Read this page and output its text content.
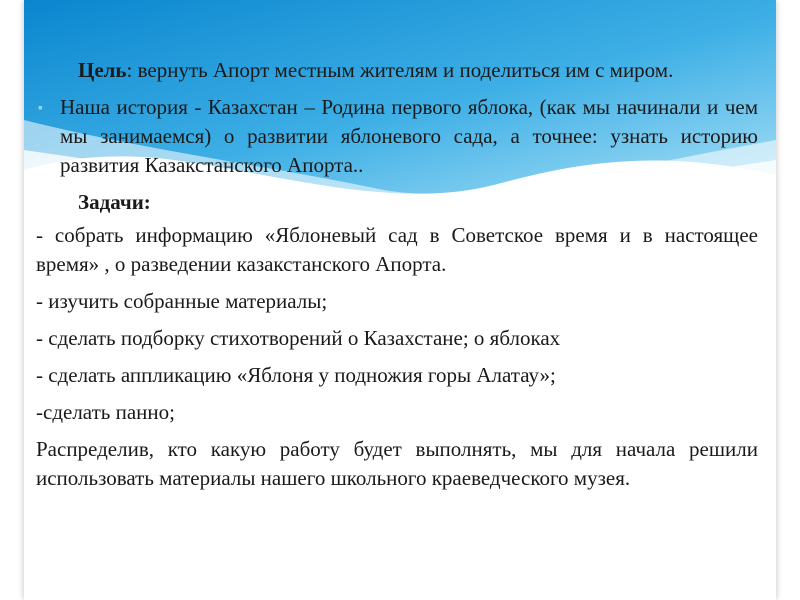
Цель: вернуть Апорт местным жителям и поделиться им с миром.

▪ Наша история - Казахстан – Родина первого яблока, (как мы начинали и чем мы занимаемся) о развитии яблоневого сада, а точнее: узнать историю развития Казакстанского Апорта..

Задачи:

- собрать информацию «Яблоневый сад в Советское время и в настоящее время» , о разведении казакстанского Апорта.

- изучить собранные материалы;

- сделать подборку стихотворений о Казахстане; о яблоках

- сделать аппликацию «Яблоня у подножия горы Алатау»;

-сделать панно;

Распределив, кто какую работу будет выполнять, мы для начала решили использовать материалы нашего школьного краеведческого музея.
